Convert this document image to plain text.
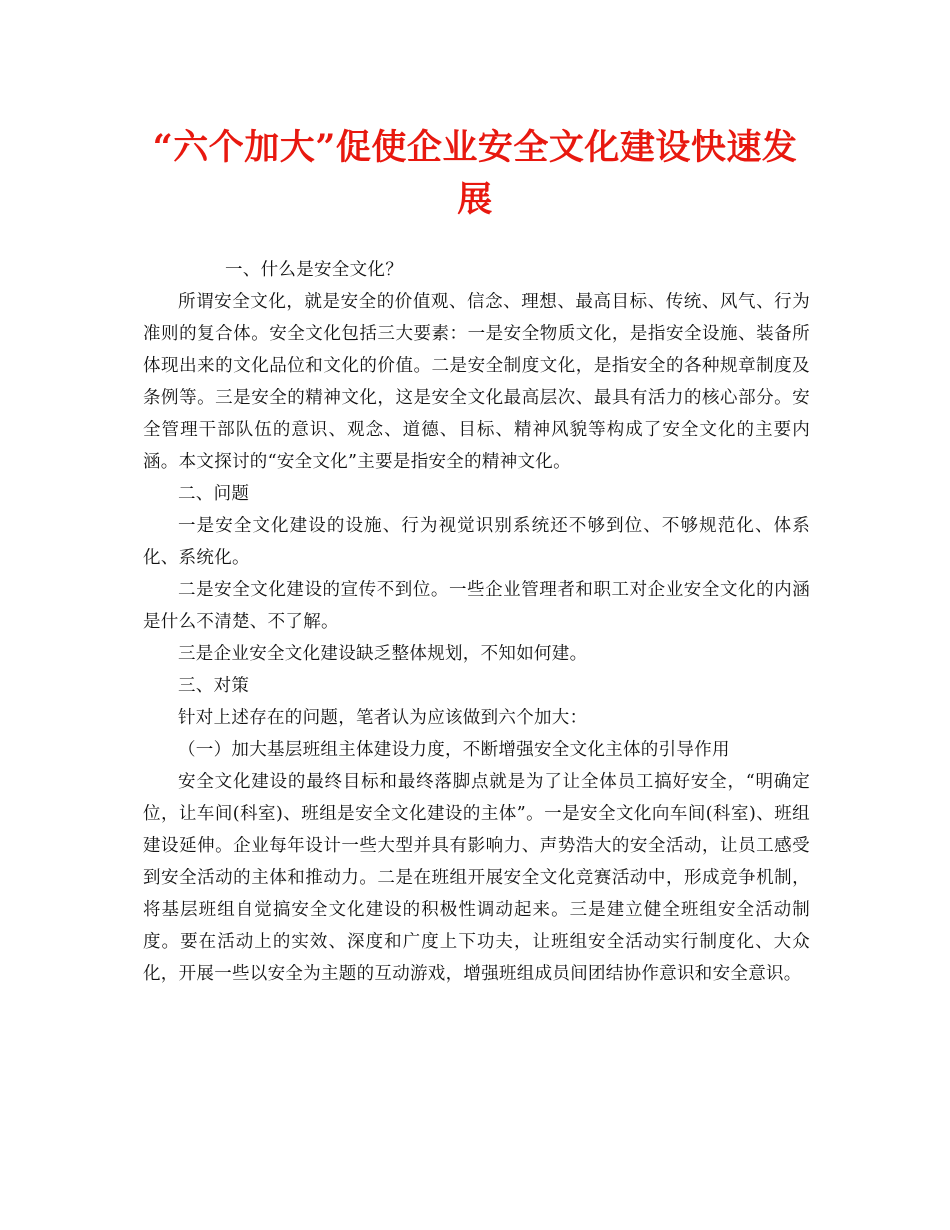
“六个加大”促使企业安全文化建设快速发展

一、什么是安全文化？

所谓安全文化，就是安全的价值观、信念、理想、最高目标、传统、风气、行为准则的复合体。安全文化包括三大要素：一是安全物质文化，是指安全设施、装备所体现出来的文化品位和文化的价值。二是安全制度文化，是指安全的各种规章制度及条例等。三是安全的精神文化，这是安全文化最高层次、最具有活力的核心部分。安全管理干部队伍的意识、观念、道德、目标、精神风貌等构成了安全文化的主要内涵。本文探讨的“安全文化”主要是指安全的精神文化。

二、问题

一是安全文化建设的设施、行为视觉识别系统还不够到位、不够规范化、体系化、系统化。

二是安全文化建设的宣传不到位。一些企业管理者和职工对企业安全文化的内涵是什么不清楚、不了解。

三是企业安全文化建设缺乏整体规划，不知如何建。

三、对策

针对上述存在的问题，笔者认为应该做到六个加大：

（一）加大基层班组主体建设力度，不断增强安全文化主体的引导作用

安全文化建设的最终目标和最终落脚点就是为了让全体员工搞好安全，“明确定位，让车间(科室)、班组是安全文化建设的主体”。一是安全文化向车间(科室)、班组建设延伸。企业每年设计一些大型并具有影响力、声势浩大的安全活动，让员工感受到安全活动的主体和推动力。二是在班组开展安全文化竞赛活动中，形成竞争机制，将基层班组自觉搞安全文化建设的积极性调动起来。三是建立健全班组安全活动制度。要在活动上的实效、深度和广度上下功夫，让班组安全活动实行制度化、大众化，开展一些以安全为主题的互动游戏，增强班组成员间团结协作意识和安全意识。
